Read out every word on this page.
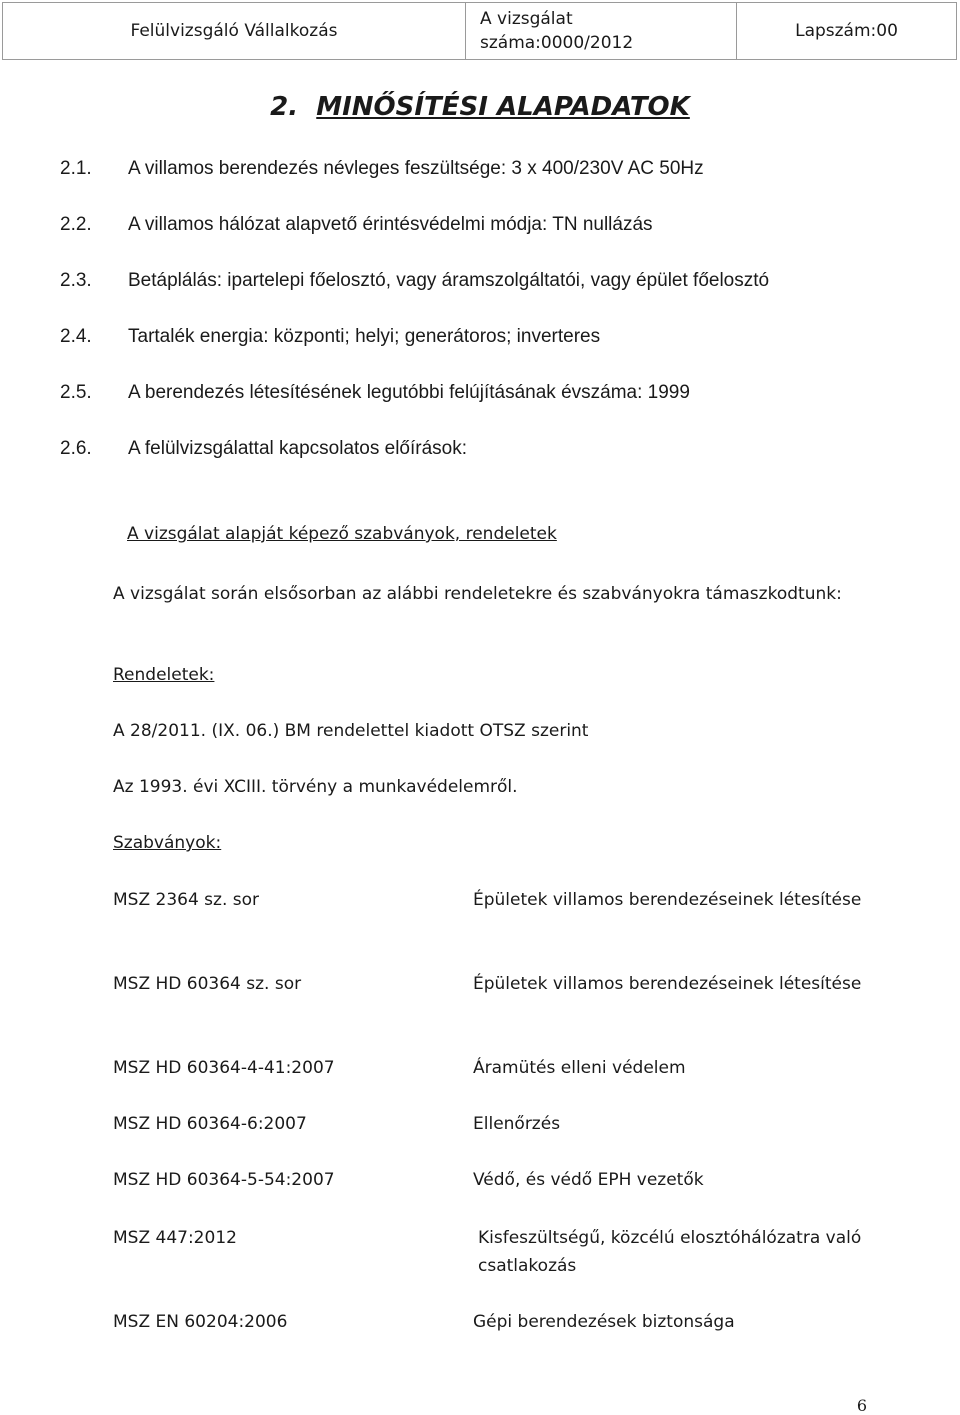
Felülvizsgáló Vállalkozás
A vizsgálat
száma:0000/2012
Lapszám:00
2. MINŐSÍTÉSI ALAPADATOK
2.1. A villamos berendezés névleges feszültsége: 3 x 400/230V AC 50Hz
2.2. A villamos hálózat alapvető érintésvédelmi módja: TN nullázás
2.3. Betáplálás: ipartelepi főelosztó, vagy áramszolgáltatói, vagy épület főelosztó
2.4. Tartalék energia: központi; helyi; generátoros; inverteres
2.5. A berendezés létesítésének legutóbbi felújításának évszáma: 1999
2.6. A felülvizsgálattal kapcsolatos előírások:
A vizsgálat alapját képező szabványok, rendeletek
A vizsgálat során elsősorban az alábbi rendeletekre és szabványokra támaszkodtunk:
Rendeletek:
A 28/2011. (IX. 06.) BM rendelettel kiadott OTSZ szerint
Az 1993. évi XCIII. törvény a munkavédelemről.
Szabványok:
MSZ 2364 sz. sor	Épületek villamos berendezéseinek létesítése
MSZ HD 60364 sz. sor	Épületek villamos berendezéseinek létesítése
MSZ HD 60364-4-41:2007	Áramütés elleni védelem
MSZ HD 60364-6:2007	Ellenőrzés
MSZ HD 60364-5-54:2007	Védő, és védő EPH vezetők
MSZ 447:2012	Kisfeszültségű, közcélú elosztóhálózatra való csatlakozás
MSZ EN 60204:2006	Gépi berendezések biztonsága
6
